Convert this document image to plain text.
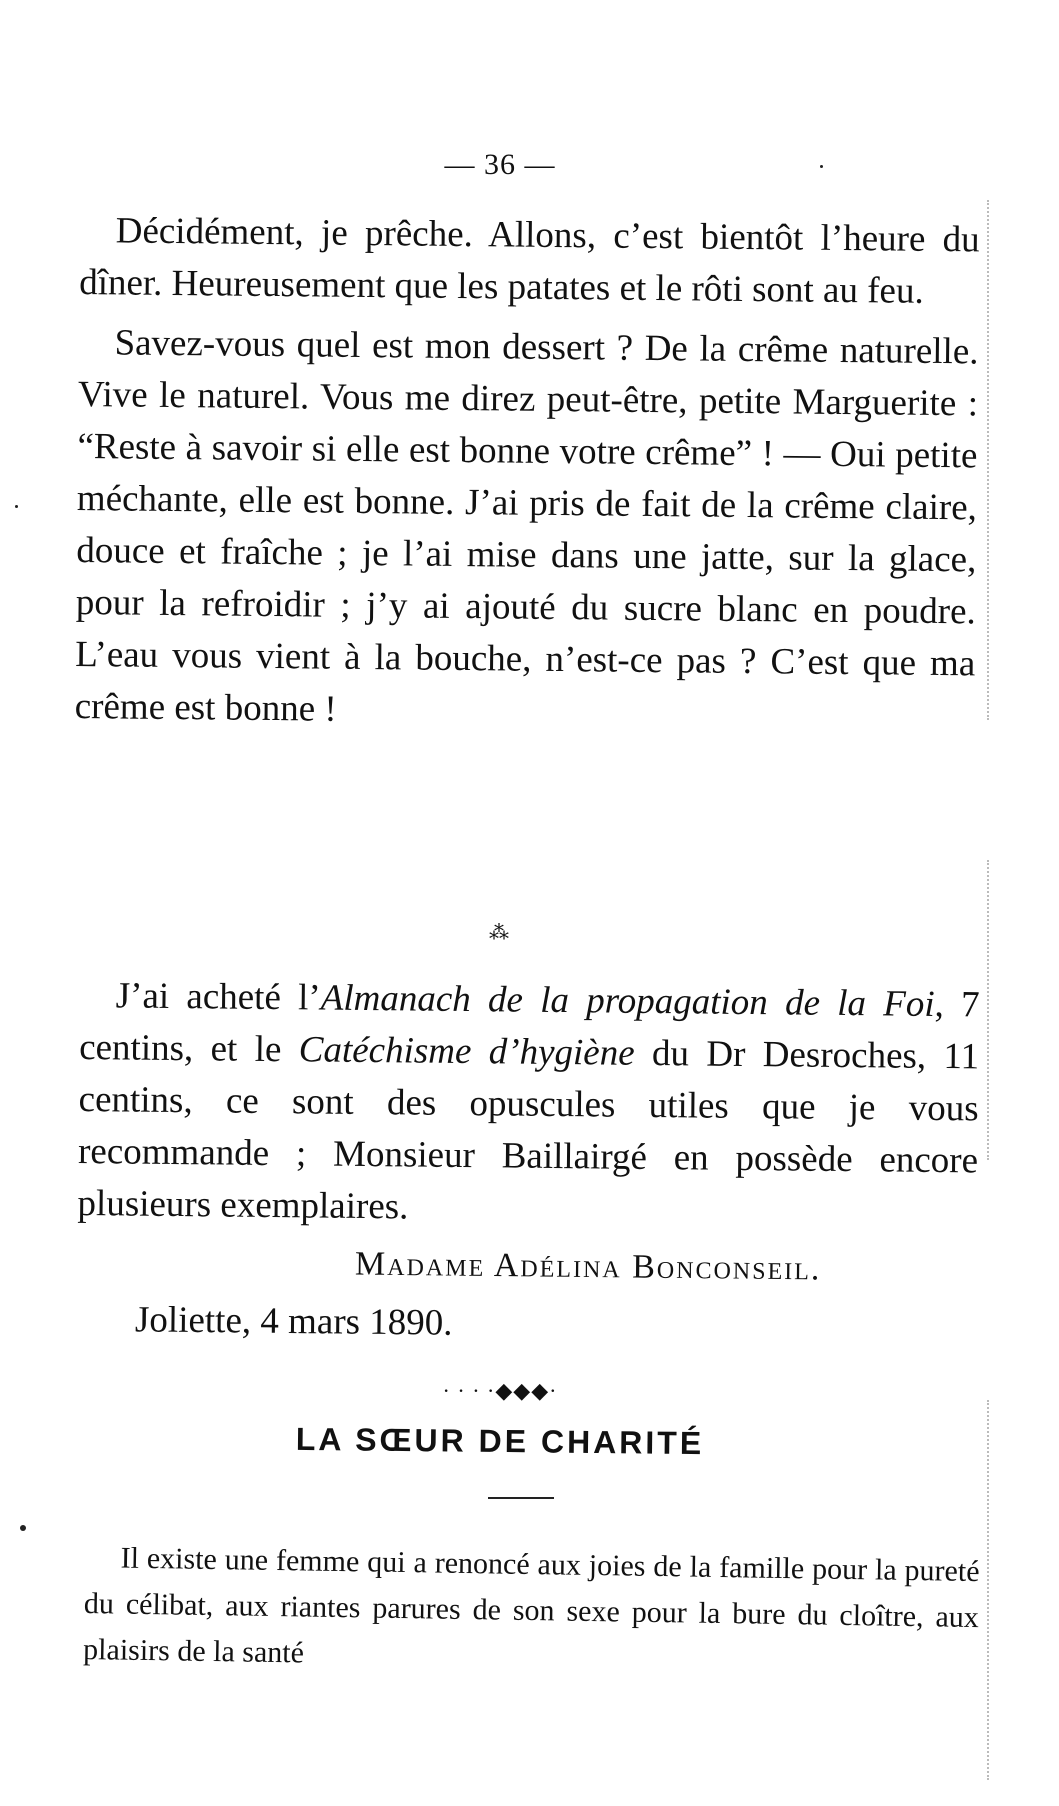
— 36 —

Décidément, je prêche. Allons, c’est bientôt l’heure du dîner. Heureusement que les patates et le rôti sont au feu.

Savez-vous quel est mon dessert ? De la crême naturelle. Vive le naturel. Vous me direz peut-être, petite Marguerite : “Reste à savoir si elle est bonne votre crême” ! — Oui petite méchante, elle est bonne. J’ai pris de fait de la crême claire, douce et fraîche ; je l’ai mise dans une jatte, sur la glace, pour la refroidir ; j’y ai ajouté du sucre blanc en poudre. L’eau vous vient à la bouche, n’est-ce pas ? C’est que ma crême est bonne !

⁂

J’ai acheté l’Almanach de la propagation de la Foi, 7 centins, et le Catéchisme d’hygiène du Dr Desroches, 11 centins, ce sont des opuscules utiles que je vous recommande ; Monsieur Baillairgé en possède encore plusieurs exemplaires.

Madame Adélina Bonconseil.
Joliette, 4 mars 1890.
· · · ·◆◆◆·
LA SŒUR DE CHARITÉ

Il existe une femme qui a renoncé aux joies de la famille pour la pureté du célibat, aux riantes parures de son sexe pour la bure du cloître, aux plaisirs de la santé
